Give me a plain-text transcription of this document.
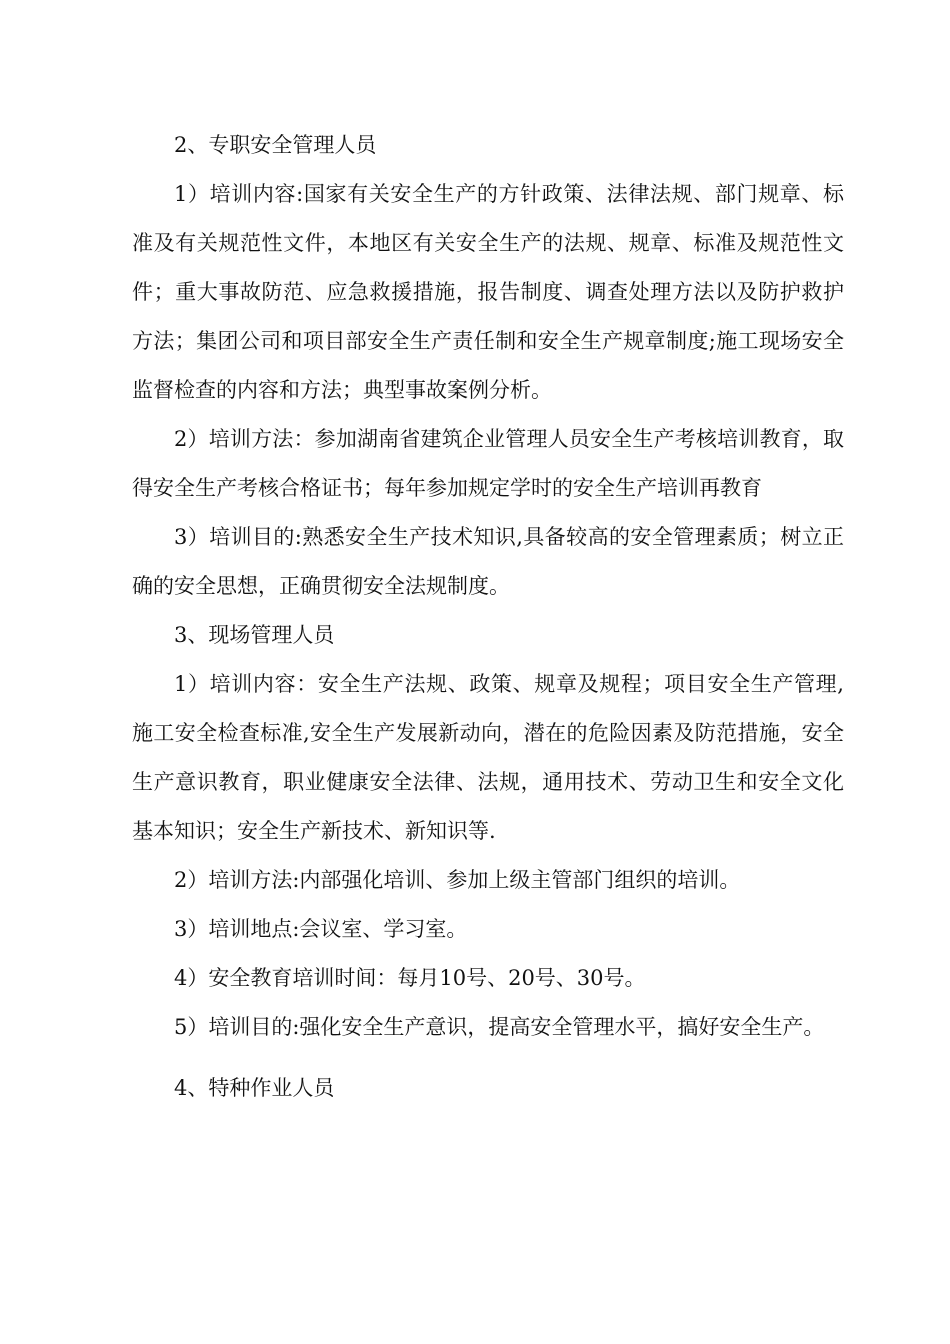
2、专职安全管理人员

1）培训内容:国家有关安全生产的方针政策、法律法规、部门规章、标准及有关规范性文件，本地区有关安全生产的法规、规章、标准及规范性文件；重大事故防范、应急救援措施，报告制度、调查处理方法以及防护救护方法；集团公司和项目部安全生产责任制和安全生产规章制度;施工现场安全监督检查的内容和方法；典型事故案例分析。

2）培训方法：参加湖南省建筑企业管理人员安全生产考核培训教育，取得安全生产考核合格证书；每年参加规定学时的安全生产培训再教育

3）培训目的:熟悉安全生产技术知识,具备较高的安全管理素质；树立正确的安全思想，正确贯彻安全法规制度。

3、现场管理人员

1）培训内容：安全生产法规、政策、规章及规程；项目安全生产管理,施工安全检查标准,安全生产发展新动向，潜在的危险因素及防范措施，安全生产意识教育，职业健康安全法律、法规，通用技术、劳动卫生和安全文化基本知识；安全生产新技术、新知识等.

2）培训方法:内部强化培训、参加上级主管部门组织的培训。

3）培训地点:会议室、学习室。

4）安全教育培训时间：每月10号、20号、30号。

5）培训目的:强化安全生产意识，提高安全管理水平，搞好安全生产。

4、特种作业人员
